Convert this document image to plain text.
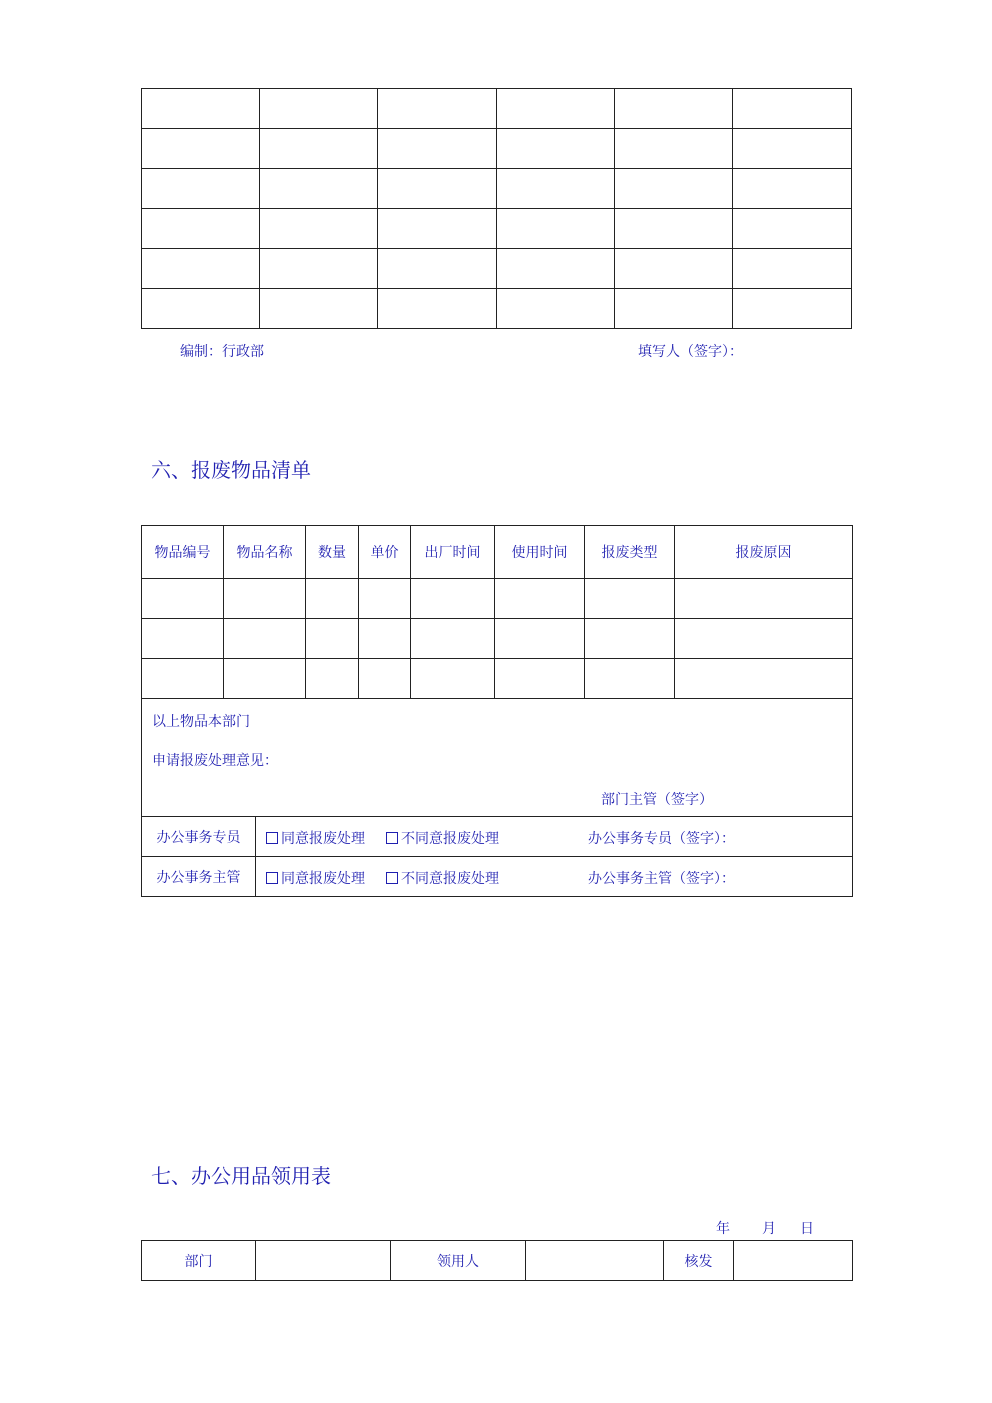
编制：行政部	填写人（签字）：
六、报废物品清单
物品编号	物品名称	数量	单价	出厂时间	使用时间	报废类型	报废原因

以上物品本部门
申请报废处理意见：
部门主管（签字）							
办公事务专员	同意报废处理 不同意报废处理 办公事务专员（签字）：

办公事务主管	同意报废处理 不同意报废处理 办公事务主管（签字）：
七、办公用品领用表
年 月 日
部门		领用人		核发	
